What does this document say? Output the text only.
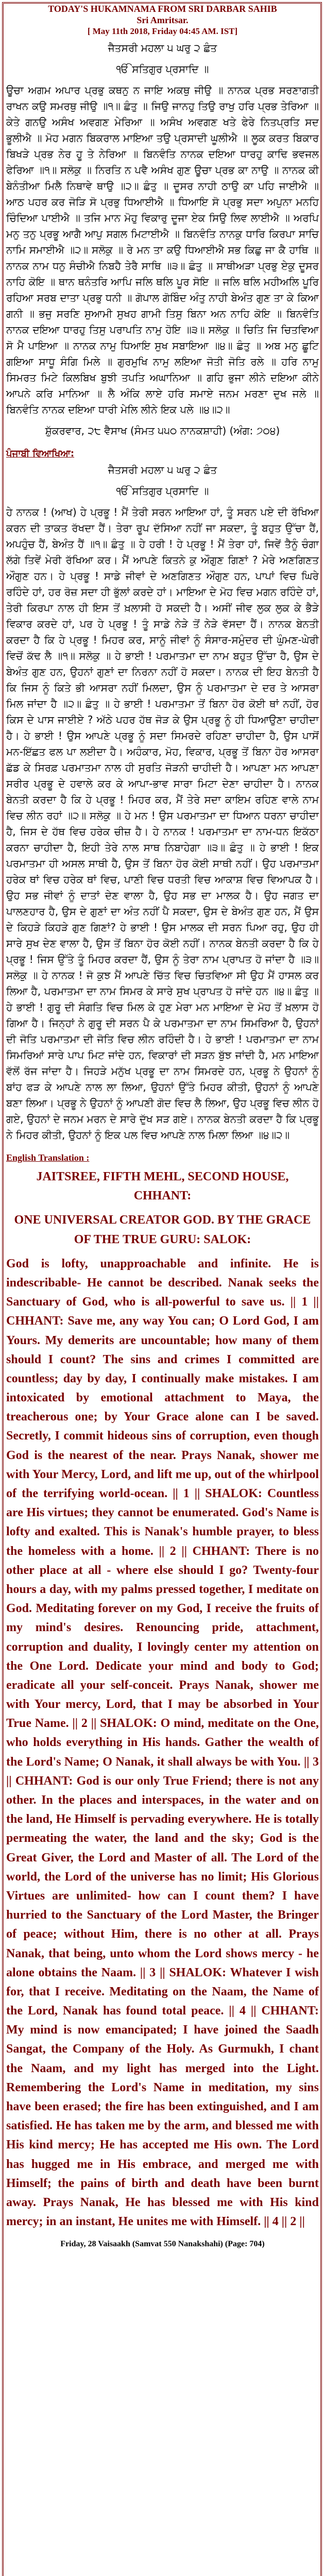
TODAY'S HUKAMNAMA FROM SRI DARBAR SAHIB

Sri Amritsar.

[ May 11th 2018, Friday 04:45 AM. IST]

ਜੈਤਸਰੀ ਮਹਲਾ ੫ ਘਰੁ ੨ ਛੰਤ

ੴ ਸਤਿਗੁਰ ਪ੍ਰਸਾਦਿ ॥

ਊਚਾ ਅਗਮ ਅਪਾਰ ਪ੍ਰਭੁ ਕਥਨੁ ਨ ਜਾਇ ਅਕਥੁ ਜੀਉ ॥ ਨਾਨਕ ਪ੍ਰਭ ਸਰਣਾਗਤੀ ਰਾਖਨ ਕਉ ਸਮਰਥੁ ਜੀਉ ॥੧॥ ਛੰਤੁ ॥ ਜਿਉ ਜਾਨਹੁ ਤਿਉ ਰਾਖੁ ਹਰਿ ਪ੍ਰਭ ਤੇਰਿਆ ॥ ਕੇਤੇ ਗਨਉ ਅਸੰਖ ਅਵਗਣ ਮੇਰਿਆ ॥ ਅਸੰਖ ਅਵਗਣ ਖਤੇ ਫੇਰੇ ਨਿਤਪ੍ਰਤਿ ਸਦ ਭੂਲੀਐ ॥ ਮੋਹ ਮਗਨ ਬਿਕਰਾਲ ਮਾਇਆ ਤਉ ਪ੍ਰਸਾਦੀ ਘੂਲੀਐ ॥ ਲੂਕ ਕਰਤ ਬਿਕਾਰ ਬਿਖੜੇ ਪ੍ਰਭ ਨੇਰ ਹੂ ਤੇ ਨੇਰਿਆ ॥ ਬਿਨਵੰਤਿ ਨਾਨਕ ਦਇਆ ਧਾਰਹੁ ਕਾਢਿ ਭਵਜਲ ਫੇਰਿਆ ॥੧॥ ਸਲੋਕੁ ॥ ਨਿਰਤਿ ਨ ਪਵੈ ਅਸੰਖ ਗੁਣ ਊਚਾ ਪ੍ਰਭ ਕਾ ਨਾਉ ॥ ਨਾਨਕ ਕੀ ਬੇਨੰਤੀਆ ਮਿਲੈ ਨਿਥਾਵੇ ਥਾਉ ॥੨॥ ਛੰਤੁ ॥ ਦੂਸਰ ਨਾਹੀ ਠਾਉ ਕਾ ਪਹਿ ਜਾਈਐ ॥ ਆਠ ਪਹਰ ਕਰ ਜੋੜਿ ਸੋ ਪ੍ਰਭੁ ਧਿਆਈਐ ॥ ਧਿਆਇ ਸੋ ਪ੍ਰਭੁ ਸਦਾ ਅਪੁਨਾ ਮਨਹਿ ਚਿੰਦਿਆ ਪਾਈਐ ॥ ਤਜਿ ਮਾਨ ਮੋਹੁ ਵਿਕਾਰੁ ਦੂਜਾ ਏਕ ਸਿਉ ਲਿਵ ਲਾਈਐ ॥ ਅਰਪਿ ਮਨੁ ਤਨੁ ਪ੍ਰਭੂ ਆਗੈ ਆਪੁ ਸਗਲ ਮਿਟਾਈਐ ॥ ਬਿਨਵੰਤਿ ਨਾਨਕੁ ਧਾਰਿ ਕਿਰਪਾ ਸਾਚਿ ਨਾਮਿ ਸਮਾਈਐ ॥੨॥ ਸਲੋਕੁ ॥ ਰੇ ਮਨ ਤਾ ਕਉ ਧਿਆਈਐ ਸਭ ਕਿਛੁ ਜਾ ਕੈ ਹਾਥਿ ॥ ਨਾਨਕ ਨਾਮ ਧਨੁ ਸੰਚੀਐ ਨਿਬਹੈ ਤੇਰੈ ਸਾਥਿ ॥੩॥ ਛੰਤੁ ॥ ਸਾਥੀਅੜਾ ਪ੍ਰਭੁ ਏਕੁ ਦੂਸਰ ਨਾਹਿ ਕੋਇ ॥ ਥਾਨ ਥਨੰਤਰਿ ਆਪਿ ਜਲਿ ਥਲਿ ਪੂਰ ਸੋਇ ॥ ਜਲਿ ਥਲਿ ਮਹੀਅਲਿ ਪੂਰਿ ਰਹਿਆ ਸਰਬ ਦਾਤਾ ਪ੍ਰਭੁ ਧਨੀ ॥ ਗੋਪਾਲ ਗੋਬਿੰਦ ਅੰਤੁ ਨਾਹੀ ਬੇਅੰਤ ਗੁਣ ਤਾ ਕੇ ਕਿਆ ਗਨੀ ॥ ਭਜੁ ਸਰਣਿ ਸੁਆਮੀ ਸੁਖਹ ਗਾਮੀ ਤਿਸੁ ਬਿਨਾ ਅਨ ਨਾਹਿ ਕੋਇ ॥ ਬਿਨਵੰਤਿ ਨਾਨਕ ਦਇਆ ਧਾਰਹੁ ਤਿਸੁ ਪਰਾਪਤਿ ਨਾਮੁ ਹੋਇ ॥੩॥ ਸਲੋਕੁ ॥ ਚਿਤਿ ਜਿ ਚਿਤਵਿਆ ਸੋ ਮੈ ਪਾਇਆ ॥ ਨਾਨਕ ਨਾਮੁ ਧਿਆਇ ਸੁਖ ਸਬਾਇਆ ॥੪॥ ਛੰਤੁ ॥ ਅਬ ਮਨੁ ਛੂਟਿ ਗਇਆ ਸਾਧੂ ਸੰਗਿ ਮਿਲੇ ॥ ਗੁਰਮੁਖਿ ਨਾਮੁ ਲਇਆ ਜੋਤੀ ਜੋਤਿ ਰਲੇ ॥ ਹਰਿ ਨਾਮੁ ਸਿਮਰਤ ਮਿਟੇ ਕਿਲਬਿਖ ਬੁਝੀ ਤਪਤਿ ਅਘਾਨਿਆ ॥ ਗਹਿ ਭੁਜਾ ਲੀਨੇ ਦਇਆ ਕੀਨੇ ਆਪਨੇ ਕਰਿ ਮਾਨਿਆ ॥ ਲੈ ਅੰਕਿ ਲਾਏ ਹਰਿ ਸਮਾਏ ਜਨਮ ਮਰਣਾ ਦੁਖ ਜਲੇ ॥ ਬਿਨਵੰਤਿ ਨਾਨਕ ਦਇਆ ਧਾਰੀ ਮੇਲਿ ਲੀਨੇ ਇਕ ਪਲੇ ॥੪॥੨॥

ਸ਼ੁੱਕਰਵਾਰ, ੨੮ ਵੈਸਾਖ (ਸੰਮਤ ੫੫੦ ਨਾਨਕਸ਼ਾਹੀ) (ਅੰਗ: ੭੦੪)

ਪੰਜਾਬੀ ਵਿਆਖਿਆ:

ਜੈਤਸਰੀ ਮਹਲਾ ੫ ਘਰੁ ੨ ਛੰਤ

ੴ ਸਤਿਗੁਰ ਪ੍ਰਸਾਦਿ ॥

ਹੇ ਨਾਨਕ ! (ਆਖ) ਹੇ ਪ੍ਰਭੂ ! ਮੈਂ ਤੇਰੀ ਸਰਨ ਆਇਆ ਹਾਂ, ਤੂੰ ਸਰਨ ਪਏ ਦੀ ਰੱਖਿਆ ਕਰਨ ਦੀ ਤਾਕਤ ਰੱਖਦਾ ਹੈਂ। ਤੇਰਾ ਰੂਪ ਦੱਸਿਆ ਨਹੀਂ ਜਾ ਸਕਦਾ, ਤੂੰ ਬਹੁਤ ਉੱਚਾ ਹੈਂ, ਅਪਹੁੰਚ ਹੈਂ, ਬੇਅੰਤ ਹੈਂ ॥੧॥ ਛੰਤੁ ॥ ਹੇ ਹਰੀ ! ਹੇ ਪ੍ਰਭੂ ! ਮੈਂ ਤੇਰਾ ਹਾਂ, ਜਿਵੇਂ ਤੈਨੂੰ ਚੰਗਾ ਲੱਗੇ ਤਿਵੇਂ ਮੇਰੀ ਰੱਖਿਆ ਕਰ। ਮੈਂ ਆਪਣੇ ਕਿਤਨੇ ਕੁ ਔਗੁਣ ਗਿਣਾਂ ? ਮੇਰੇ ਅਣਗਿਣਤ ਔਗੁਣ ਹਨ। ਹੇ ਪ੍ਰਭੂ ! ਸਾਡੇ ਜੀਵਾਂ ਦੇ ਅਣਗਿਣਤ ਔਗੁਣ ਹਨ, ਪਾਪਾਂ ਵਿਚ ਘਿਰੇ ਰਹਿੰਦੇ ਹਾਂ, ਹਰ ਰੋਜ਼ ਸਦਾ ਹੀ ਭੁੱਲਾਂ ਕਰਦੇ ਹਾਂ। ਮਾਇਆ ਦੇ ਮੋਹ ਵਿਚ ਮਗਨ ਰਹਿੰਦੇ ਹਾਂ, ਤੇਰੀ ਕਿਰਪਾ ਨਾਲ ਹੀ ਇਸ ਤੋਂ ਖ਼ਲਾਸੀ ਹੋ ਸਕਦੀ ਹੈ। ਅਸੀਂ ਜੀਵ ਲੁਕ ਲੁਕ ਕੇ ਭੈੜੇ ਵਿਕਾਰ ਕਰਦੇ ਹਾਂ, ਪਰ ਹੇ ਪ੍ਰਭੂ ! ਤੂੰ ਸਾਡੇ ਨੇੜੇ ਤੋਂ ਨੇੜੇ ਵੱਸਦਾ ਹੈਂ। ਨਾਨਕ ਬੇਨਤੀ ਕਰਦਾ ਹੈ ਕਿ ਹੇ ਪ੍ਰਭੂ ! ਮਿਹਰ ਕਰ, ਸਾਨੂੰ ਜੀਵਾਂ ਨੂੰ ਸੰਸਾਰ-ਸਮੁੰਦਰ ਦੀ ਘੁੰਮਣ-ਘੇਰੀ ਵਿਚੋਂ ਕੱਢ ਲੈ ॥੧॥ ਸਲੋਕੁ ॥ ਹੇ ਭਾਈ ! ਪਰਮਾਤਮਾ ਦਾ ਨਾਮ ਬਹੁਤ ਉੱਚਾ ਹੈ, ਉਸ ਦੇ ਬੇਅੰਤ ਗੁਣ ਹਨ, ਉਹਨਾਂ ਗੁਣਾਂ ਦਾ ਨਿਰਨਾ ਨਹੀਂ ਹੋ ਸਕਦਾ। ਨਾਨਕ ਦੀ ਇਹ ਬੇਨਤੀ ਹੈ ਕਿ ਜਿਸ ਨੂੰ ਕਿਤੇ ਭੀ ਆਸਰਾ ਨਹੀਂ ਮਿਲਦਾ, ਉਸ ਨੂੰ ਪਰਮਾਤਮਾ ਦੇ ਦਰ ਤੇ ਆਸਰਾ ਮਿਲ ਜਾਂਦਾ ਹੈ ॥੨॥ ਛੰਤੁ ॥ ਹੇ ਭਾਈ ! ਪਰਮਾਤਮਾ ਤੋਂ ਬਿਨਾ ਹੋਰ ਕੋਈ ਥਾਂ ਨਹੀਂ, ਹੋਰ ਕਿਸ ਦੇ ਪਾਸ ਜਾਈਏ ? ਅੱਠੇ ਪਹਰ ਹੱਥ ਜੋੜ ਕੇ ਉਸ ਪ੍ਰਭੂ ਨੂੰ ਹੀ ਧਿਆਉਣਾ ਚਾਹੀਦਾ ਹੈ। ਹੇ ਭਾਈ ! ਉਸ ਆਪਣੇ ਪ੍ਰਭੂ ਨੂੰ ਸਦਾ ਸਿਮਰਦੇ ਰਹਿਣਾ ਚਾਹੀਦਾ ਹੈ, ਉਸ ਪਾਸੋਂ ਮਨ-ਇੱਛਤ ਫਲ ਪਾ ਲਈਦਾ ਹੈ। ਅਹੰਕਾਰ, ਮੋਹ, ਵਿਕਾਰ, ਪ੍ਰਭੂ ਤੋਂ ਬਿਨਾ ਹੋਰ ਆਸਰਾ ਛੱਡ ਕੇ ਸਿਰਫ਼ ਪਰਮਾਤਮਾ ਨਾਲ ਹੀ ਸੁਰਤਿ ਜੋੜਨੀ ਚਾਹੀਦੀ ਹੈ। ਆਪਣਾ ਮਨ ਆਪਣਾ ਸਰੀਰ ਪ੍ਰਭੂ ਦੇ ਹਵਾਲੇ ਕਰ ਕੇ ਆਪਾ-ਭਾਵ ਸਾਰਾ ਮਿਟਾ ਦੇਣਾ ਚਾਹੀਦਾ ਹੈ। ਨਾਨਕ ਬੇਨਤੀ ਕਰਦਾ ਹੈ ਕਿ ਹੇ ਪ੍ਰਭੂ ! ਮਿਹਰ ਕਰ, ਮੈਂ ਤੇਰੇ ਸਦਾ ਕਾਇਮ ਰਹਿਣ ਵਾਲੇ ਨਾਮ ਵਿਚ ਲੀਨ ਰਹਾਂ ॥੨॥ ਸਲੋਕੁ ॥ ਹੇ ਮਨ ! ਉਸ ਪਰਮਾਤਮਾ ਦਾ ਧਿਆਨ ਧਰਨਾ ਚਾਹੀਦਾ ਹੈ, ਜਿਸ ਦੇ ਹੱਥ ਵਿਚ ਹਰੇਕ ਚੀਜ਼ ਹੈ। ਹੇ ਨਾਨਕ ! ਪਰਮਾਤਮਾ ਦਾ ਨਾਮ-ਧਨ ਇਕੱਠਾ ਕਰਨਾ ਚਾਹੀਦਾ ਹੈ, ਇਹੀ ਤੇਰੇ ਨਾਲ ਸਾਥ ਨਿਬਾਹੇਗਾ ॥੩॥ ਛੰਤੁ ॥ ਹੇ ਭਾਈ ! ਇਕ ਪਰਮਾਤਮਾ ਹੀ ਅਸਲ ਸਾਥੀ ਹੈ, ਉਸ ਤੋਂ ਬਿਨਾ ਹੋਰ ਕੋਈ ਸਾਥੀ ਨਹੀਂ। ਉਹ ਪਰਮਾਤਮਾ ਹਰੇਕ ਥਾਂ ਵਿਚ ਹਰੇਕ ਥਾਂ ਵਿਚ, ਪਾਣੀ ਵਿਚ ਧਰਤੀ ਵਿਚ ਆਕਾਸ਼ ਵਿਚ ਵਿਆਪਕ ਹੈ। ਉਹ ਸਭ ਜੀਵਾਂ ਨੂੰ ਦਾਤਾਂ ਦੇਣ ਵਾਲਾ ਹੈ, ਉਹ ਸਭ ਦਾ ਮਾਲਕ ਹੈ। ਉਹ ਜਗਤ ਦਾ ਪਾਲਣਹਾਰ ਹੈ, ਉਸ ਦੇ ਗੁਣਾਂ ਦਾ ਅੰਤ ਨਹੀਂ ਪੈ ਸਕਦਾ, ਉਸ ਦੇ ਬੇਅੰਤ ਗੁਣ ਹਨ, ਮੈਂ ਉਸ ਦੇ ਕਿਹੜੇ ਕਿਹੜੇ ਗੁਣ ਗਿਣਾਂ? ਹੇ ਭਾਈ ! ਉਸ ਮਾਲਕ ਦੀ ਸਰਨ ਪਿਆ ਰਹੁ, ਉਹ ਹੀ ਸਾਰੇ ਸੁਖ ਦੇਣ ਵਾਲਾ ਹੈ, ਉਸ ਤੋਂ ਬਿਨਾ ਹੋਰ ਕੋਈ ਨਹੀਂ। ਨਾਨਕ ਬੇਨਤੀ ਕਰਦਾ ਹੈ ਕਿ ਹੇ ਪ੍ਰਭੂ ! ਜਿਸ ਉੱਤੇ ਤੂੰ ਮਿਹਰ ਕਰਦਾ ਹੈਂ, ਉਸ ਨੂੰ ਤੇਰਾ ਨਾਮ ਪ੍ਰਾਪਤ ਹੋ ਜਾਂਦਾ ਹੈ ॥੩॥ ਸਲੋਕੁ ॥ ਹੇ ਨਾਨਕ ! ਜੋ ਕੁਝ ਮੈਂ ਆਪਣੇ ਚਿੱਤ ਵਿਚ ਚਿਤਵਿਆ ਸੀ ਉਹ ਮੈਂ ਹਾਸਲ ਕਰ ਲਿਆ ਹੈ, ਪਰਮਾਤਮਾ ਦਾ ਨਾਮ ਸਿਮਰ ਕੇ ਸਾਰੇ ਸੁਖ ਪ੍ਰਾਪਤ ਹੋ ਜਾਂਦੇ ਹਨ ॥੪॥ ਛੰਤੁ ॥ ਹੇ ਭਾਈ ! ਗੁਰੂ ਦੀ ਸੰਗਤਿ ਵਿਚ ਮਿਲ ਕੇ ਹੁਣ ਮੇਰਾ ਮਨ ਮਾਇਆ ਦੇ ਮੋਹ ਤੋਂ ਖ਼ਲਾਸ ਹੋ ਗਿਆ ਹੈ। ਜਿਨ੍ਹਾਂ ਨੇ ਗੁਰੂ ਦੀ ਸਰਨ ਪੈ ਕੇ ਪਰਮਾਤਮਾ ਦਾ ਨਾਮ ਸਿਮਰਿਆ ਹੈ, ਉਹਨਾਂ ਦੀ ਜੋਤਿ ਪਰਮਾਤਮਾ ਦੀ ਜੋਤਿ ਵਿਚ ਲੀਨ ਰਹਿੰਦੀ ਹੈ। ਹੇ ਭਾਈ ! ਪਰਮਾਤਮਾ ਦਾ ਨਾਮ ਸਿਮਰਿਆਂ ਸਾਰੇ ਪਾਪ ਮਿਟ ਜਾਂਦੇ ਹਨ, ਵਿਕਾਰਾਂ ਦੀ ਸੜਨ ਬੁੱਝ ਜਾਂਦੀ ਹੈ, ਮਨ ਮਾਇਆ ਵੱਲੋਂ ਰੱਜ ਜਾਂਦਾ ਹੈ। ਜਿਹੜੇ ਮਨੁੱਖ ਪ੍ਰਭੂ ਦਾ ਨਾਮ ਸਿਮਰਦੇ ਹਨ, ਪ੍ਰਭੂ ਨੇ ਉਹਨਾਂ ਨੂੰ ਬਾਂਹ ਫੜ ਕੇ ਆਪਣੇ ਨਾਲ ਲਾ ਲਿਆ, ਉਹਨਾਂ ਉੱਤੇ ਮਿਹਰ ਕੀਤੀ, ਉਹਨਾਂ ਨੂੰ ਆਪਣੇ ਬਣਾ ਲਿਆ। ਪ੍ਰਭੂ ਨੇ ਉਹਨਾਂ ਨੂੰ ਆਪਣੀ ਗੋਦ ਵਿਚ ਲੈ ਲਿਆ, ਉਹ ਪ੍ਰਭੂ ਵਿਚ ਲੀਨ ਹੋ ਗਏ, ਉਹਨਾਂ ਦੇ ਜਨਮ ਮਰਨ ਦੇ ਸਾਰੇ ਦੁੱਖ ਸੜ ਗਏ। ਨਾਨਕ ਬੇਨਤੀ ਕਰਦਾ ਹੈ ਕਿ ਪ੍ਰਭੂ ਨੇ ਮਿਹਰ ਕੀਤੀ, ਉਹਨਾਂ ਨੂੰ ਇਕ ਪਲ ਵਿਚ ਆਪਣੇ ਨਾਲ ਮਿਲਾ ਲਿਆ ॥੪॥੨॥

English Translation :

JAITSREE, FIFTH MEHL, SECOND HOUSE, CHHANT:

ONE UNIVERSAL CREATOR GOD. BY THE GRACE OF THE TRUE GURU: SALOK:

God is lofty, unapproachable and infinite. He is indescribable- He cannot be described. Nanak seeks the Sanctuary of God, who is all-powerful to save us. || 1 || CHHANT: Save me, any way You can; O Lord God, I am Yours. My demerits are uncountable; how many of them should I count? The sins and crimes I committed are countless; day by day, I continually make mistakes. I am intoxicated by emotional attachment to Maya, the treacherous one; by Your Grace alone can I be saved. Secretly, I commit hideous sins of corruption, even though God is the nearest of the near. Prays Nanak, shower me with Your Mercy, Lord, and lift me up, out of the whirlpool of the terrifying world-ocean. || 1 || SHALOK: Countless are His virtues; they cannot be enumerated. God's Name is lofty and exalted. This is Nanak's humble prayer, to bless the homeless with a home. || 2 || CHHANT: There is no other place at all - where else should I go? Twenty-four hours a day, with my palms pressed together, I meditate on God. Meditating forever on my God, I receive the fruits of my mind's desires. Renouncing pride, attachment, corruption and duality, I lovingly center my attention on the One Lord. Dedicate your mind and body to God; eradicate all your self-conceit. Prays Nanak, shower me with Your mercy, Lord, that I may be absorbed in Your True Name. || 2 || SHALOK: O mind, meditate on the One, who holds everything in His hands. Gather the wealth of the Lord's Name; O Nanak, it shall always be with You. || 3 || CHHANT: God is our only True Friend; there is not any other. In the places and interspaces, in the water and on the land, He Himself is pervading everywhere. He is totally permeating the water, the land and the sky; God is the Great Giver, the Lord and Master of all. The Lord of the world, the Lord of the universe has no limit; His Glorious Virtues are unlimited- how can I count them? I have hurried to the Sanctuary of the Lord Master, the Bringer of peace; without Him, there is no other at all. Prays Nanak, that being, unto whom the Lord shows mercy - he alone obtains the Naam. || 3 || SHALOK: Whatever I wish for, that I receive. Meditating on the Naam, the Name of the Lord, Nanak has found total peace. || 4 || CHHANT: My mind is now emancipated; I have joined the Saadh Sangat, the Company of the Holy. As Gurmukh, I chant the Naam, and my light has merged into the Light. Remembering the Lord's Name in meditation, my sins have been erased; the fire has been extinguished, and I am satisfied. He has taken me by the arm, and blessed me with His kind mercy; He has accepted me His own. The Lord has hugged me in His embrace, and merged me with Himself; the pains of birth and death have been burnt away. Prays Nanak, He has blessed me with His kind mercy; in an instant, He unites me with Himself. || 4 || 2 ||

Friday, 28 Vaisaakh (Samvat 550 Nanakshahi) (Page: 704)
